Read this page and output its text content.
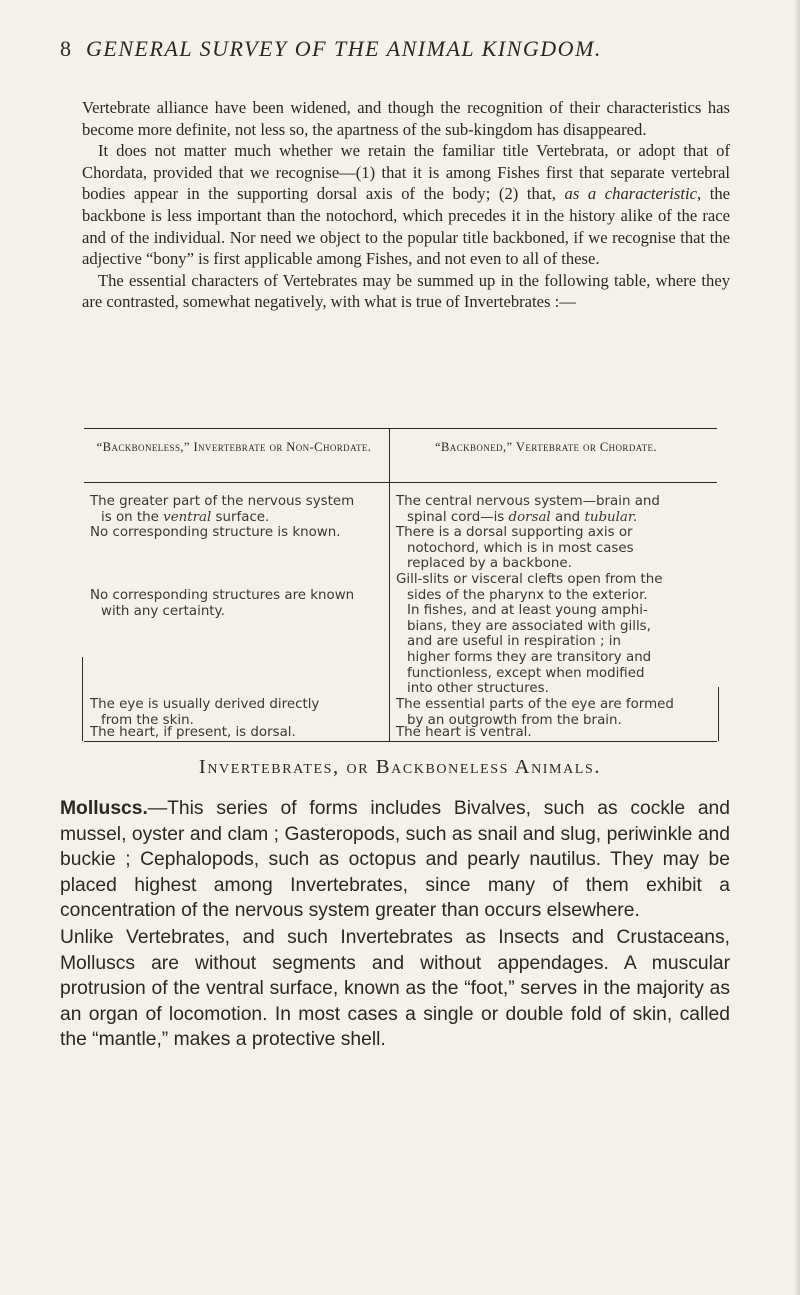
8 GENERAL SURVEY OF THE ANIMAL KINGDOM.

Vertebrate alliance have been widened, and though the recognition of their characteristics has become more definite, not less so, the apartness of the sub-kingdom has disappeared.

It does not matter much whether we retain the familiar title Vertebrata, or adopt that of Chordata, provided that we recognise—(1) that it is among Fishes first that separate vertebral bodies appear in the supporting dorsal axis of the body; (2) that, as a characteristic, the backbone is less important than the notochord, which precedes it in the history alike of the race and of the individual. Nor need we object to the popular title backboned, if we recognise that the adjective “bony” is first applicable among Fishes, and not even to all of these.

The essential characters of Vertebrates may be summed up in the following table, where they are contrasted, somewhat negatively, with what is true of Invertebrates :—

“Backboneless,” Invertebrate or Non-Chordate.	“Backboned,” Vertebrate or Chordate.
The greater part of the nervous system

is on the ventral surface.
No corresponding structure is known.
No corresponding structures are known

with any certainty.
The eye is usually derived directly

from the skin.
The heart, if present, is dorsal.
The central nervous system—brain and

spinal cord—is dorsal and tubular.
There is a dorsal supporting axis or

notochord, which is in most cases
replaced by a backbone.
Gill-slits or visceral clefts open from the

sides of the pharynx to the exterior.
In fishes, and at least young amphi-
bians, they are associated with gills,
and are useful in respiration ; in
higher forms they are transitory and
functionless, except when modified
into other structures.
The essential parts of the eye are formed

by an outgrowth from the brain.
The heart is ventral.
Invertebrates, or Backboneless Animals.

Molluscs.—This series of forms includes Bivalves, such as cockle and mussel, oyster and clam ; Gasteropods, such as snail and slug, periwinkle and buckie ; Cephalopods, such as octopus and pearly nautilus. They may be placed highest among Invertebrates, since many of them exhibit a concentration of the nervous system greater than occurs elsewhere.

Unlike Vertebrates, and such Invertebrates as Insects and Crustaceans, Molluscs are without segments and without appendages. A muscular protrusion of the ventral surface, known as the “foot,” serves in the majority as an organ of locomotion. In most cases a single or double fold of skin, called the “mantle,” makes a protective shell.
